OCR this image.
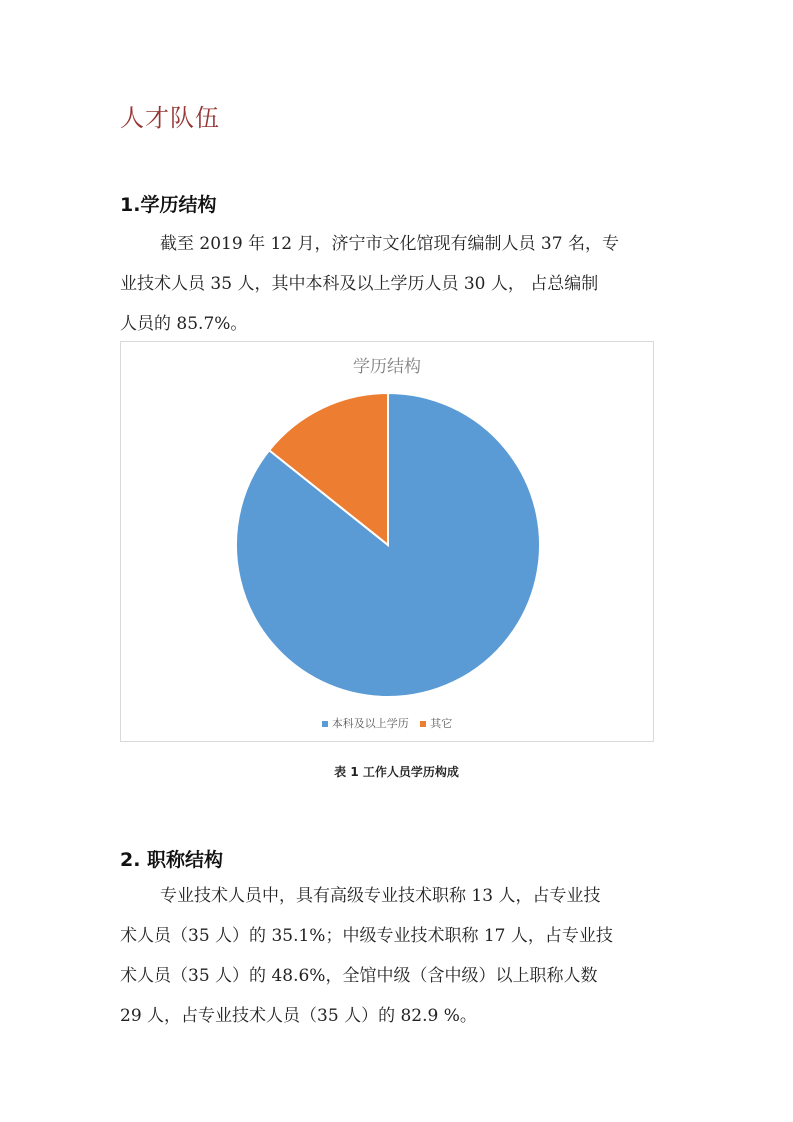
人才队伍
1.学历结构
截至 2019 年 12 月，济宁市文化馆现有编制人员 37 名，专
业技术人员 35 人，其中本科及以上学历人员 30 人， 占总编制
人员的 85.7%。
学历结构
本科及以上学历 其它
表 1 工作人员学历构成
2. 职称结构
专业技术人员中，具有高级专业技术职称 13 人，占专业技
术人员（35 人）的 35.1%；中级专业技术职称 17 人，占专业技
术人员（35 人）的 48.6%，全馆中级（含中级）以上职称人数
29 人，占专业技术人员（35 人）的 82.9 %。
